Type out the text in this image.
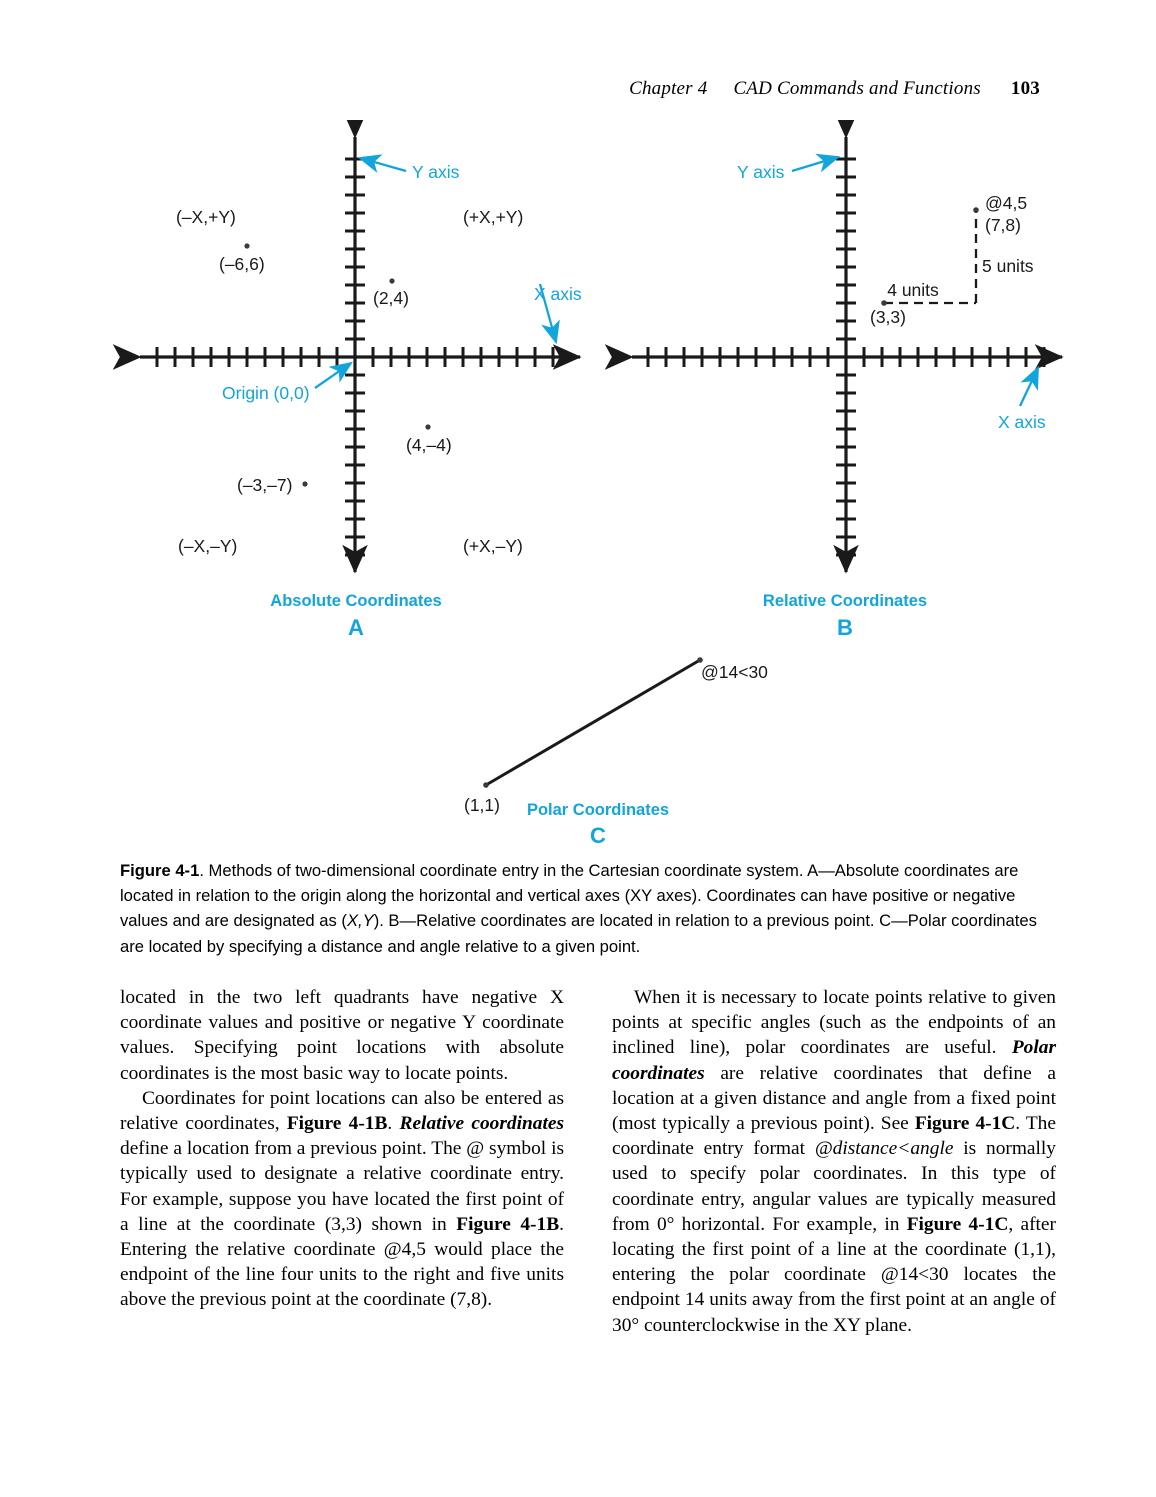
Chapter 4 CAD Commands and Functions 103
Y axis
X axis
Origin (0,0)
(–X,+Y)	(+X,+Y)
(–X,–Y)	(+X,–Y)
(–6,6)
(2,4)
(4,–4)
(–3,–7)
Absolute Coordinates
A
Y axis
X axis
(3,3)
@4,5
(7,8)
4 units
5 units
Relative Coordinates
B
(1,1)
@14<30
Polar Coordinates
C
Figure 4-1. Methods of two-dimensional coordinate entry in the Cartesian coordinate system. A—Absolute coordinates are located in relation to the origin along the horizontal and vertical axes (XY axes). Coordinates can have positive or negative values and are designated as (X,Y). B—Relative coordinates are located in relation to a previous point. C—Polar coordinates are located by specifying a distance and angle relative to a given point.

located in the two left quadrants have negative X coordinate values and positive or negative Y coordinate values. Specifying point locations with absolute coordinates is the most basic way to locate points.

Coordinates for point locations can also be entered as relative coordinates, Figure 4-1B. Relative coordinates define a location from a previous point. The @ symbol is typically used to designate a relative coordinate entry. For example, suppose you have located the first point of a line at the coordinate (3,3) shown in Figure 4-1B. Entering the relative coordinate @4,5 would place the endpoint of the line four units to the right and five units above the previous point at the coordinate (7,8).

When it is necessary to locate points relative to given points at specific angles (such as the endpoints of an inclined line), polar coordinates are useful. Polar coordinates are relative coordinates that define a location at a given distance and angle from a fixed point (most typically a previous point). See Figure 4-1C. The coordinate entry format @distance<angle is normally used to specify polar coordinates. In this type of coordinate entry, angular values are typically measured from 0° horizontal. For example, in Figure 4-1C, after locating the first point of a line at the coordinate (1,1), entering the polar coordinate @14<30 locates the endpoint 14 units away from the first point at an angle of 30° counterclockwise in the XY plane.
